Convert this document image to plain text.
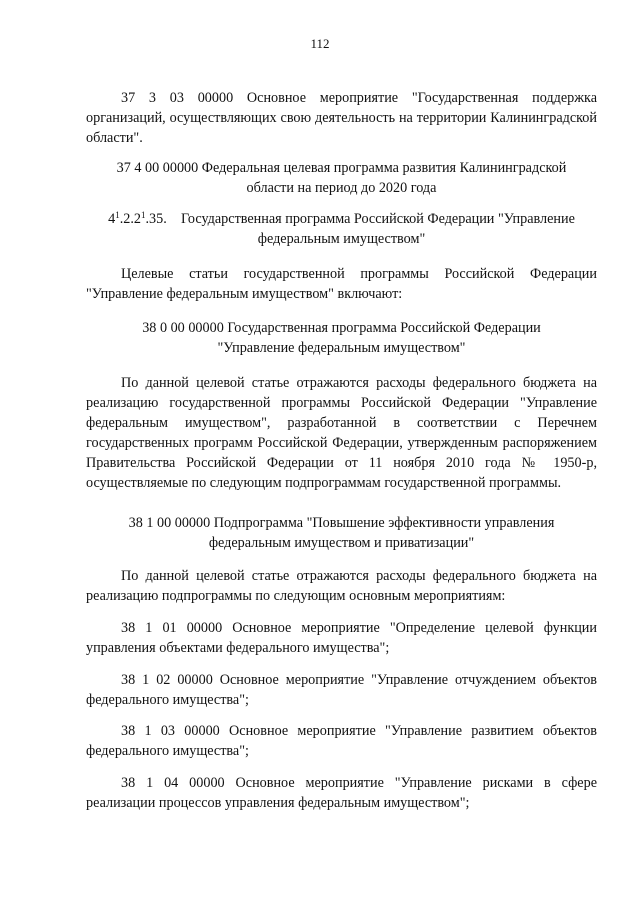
112

37 3 03 00000 Основное мероприятие "Государственная поддержка организаций, осуществляющих свою деятельность на территории Калининградской области".

37 4 00 00000 Федеральная целевая программа развития Калининградской
области на период до 2020 года
$4^1.2.2^1.35$. Государственная программа Российской Федерации "Управление
федеральным имуществом"

Целевые статьи государственной программы Российской Федерации "Управление федеральным имуществом" включают:

38 0 00 00000 Государственная программа Российской Федерации
"Управление федеральным имуществом"

По данной целевой статье отражаются расходы федерального бюджета на реализацию государственной программы Российской Федерации "Управление федеральным имуществом", разработанной в соответствии с Перечнем государственных программ Российской Федерации, утвержденным распоряжением Правительства Российской Федерации от 11 ноября 2010 года № 1950-р, осуществляемые по следующим подпрограммам государственной программы.

38 1 00 00000 Подпрограмма "Повышение эффективности управления
федеральным имуществом и приватизации"

По данной целевой статье отражаются расходы федерального бюджета на реализацию подпрограммы по следующим основным мероприятиям:

38 1 01 00000 Основное мероприятие "Определение целевой функции управления объектами федерального имущества";

38 1 02 00000 Основное мероприятие "Управление отчуждением объектов федерального имущества";

38 1 03 00000 Основное мероприятие "Управление развитием объектов федерального имущества";

38 1 04 00000 Основное мероприятие "Управление рисками в сфере реализации процессов управления федеральным имуществом";
